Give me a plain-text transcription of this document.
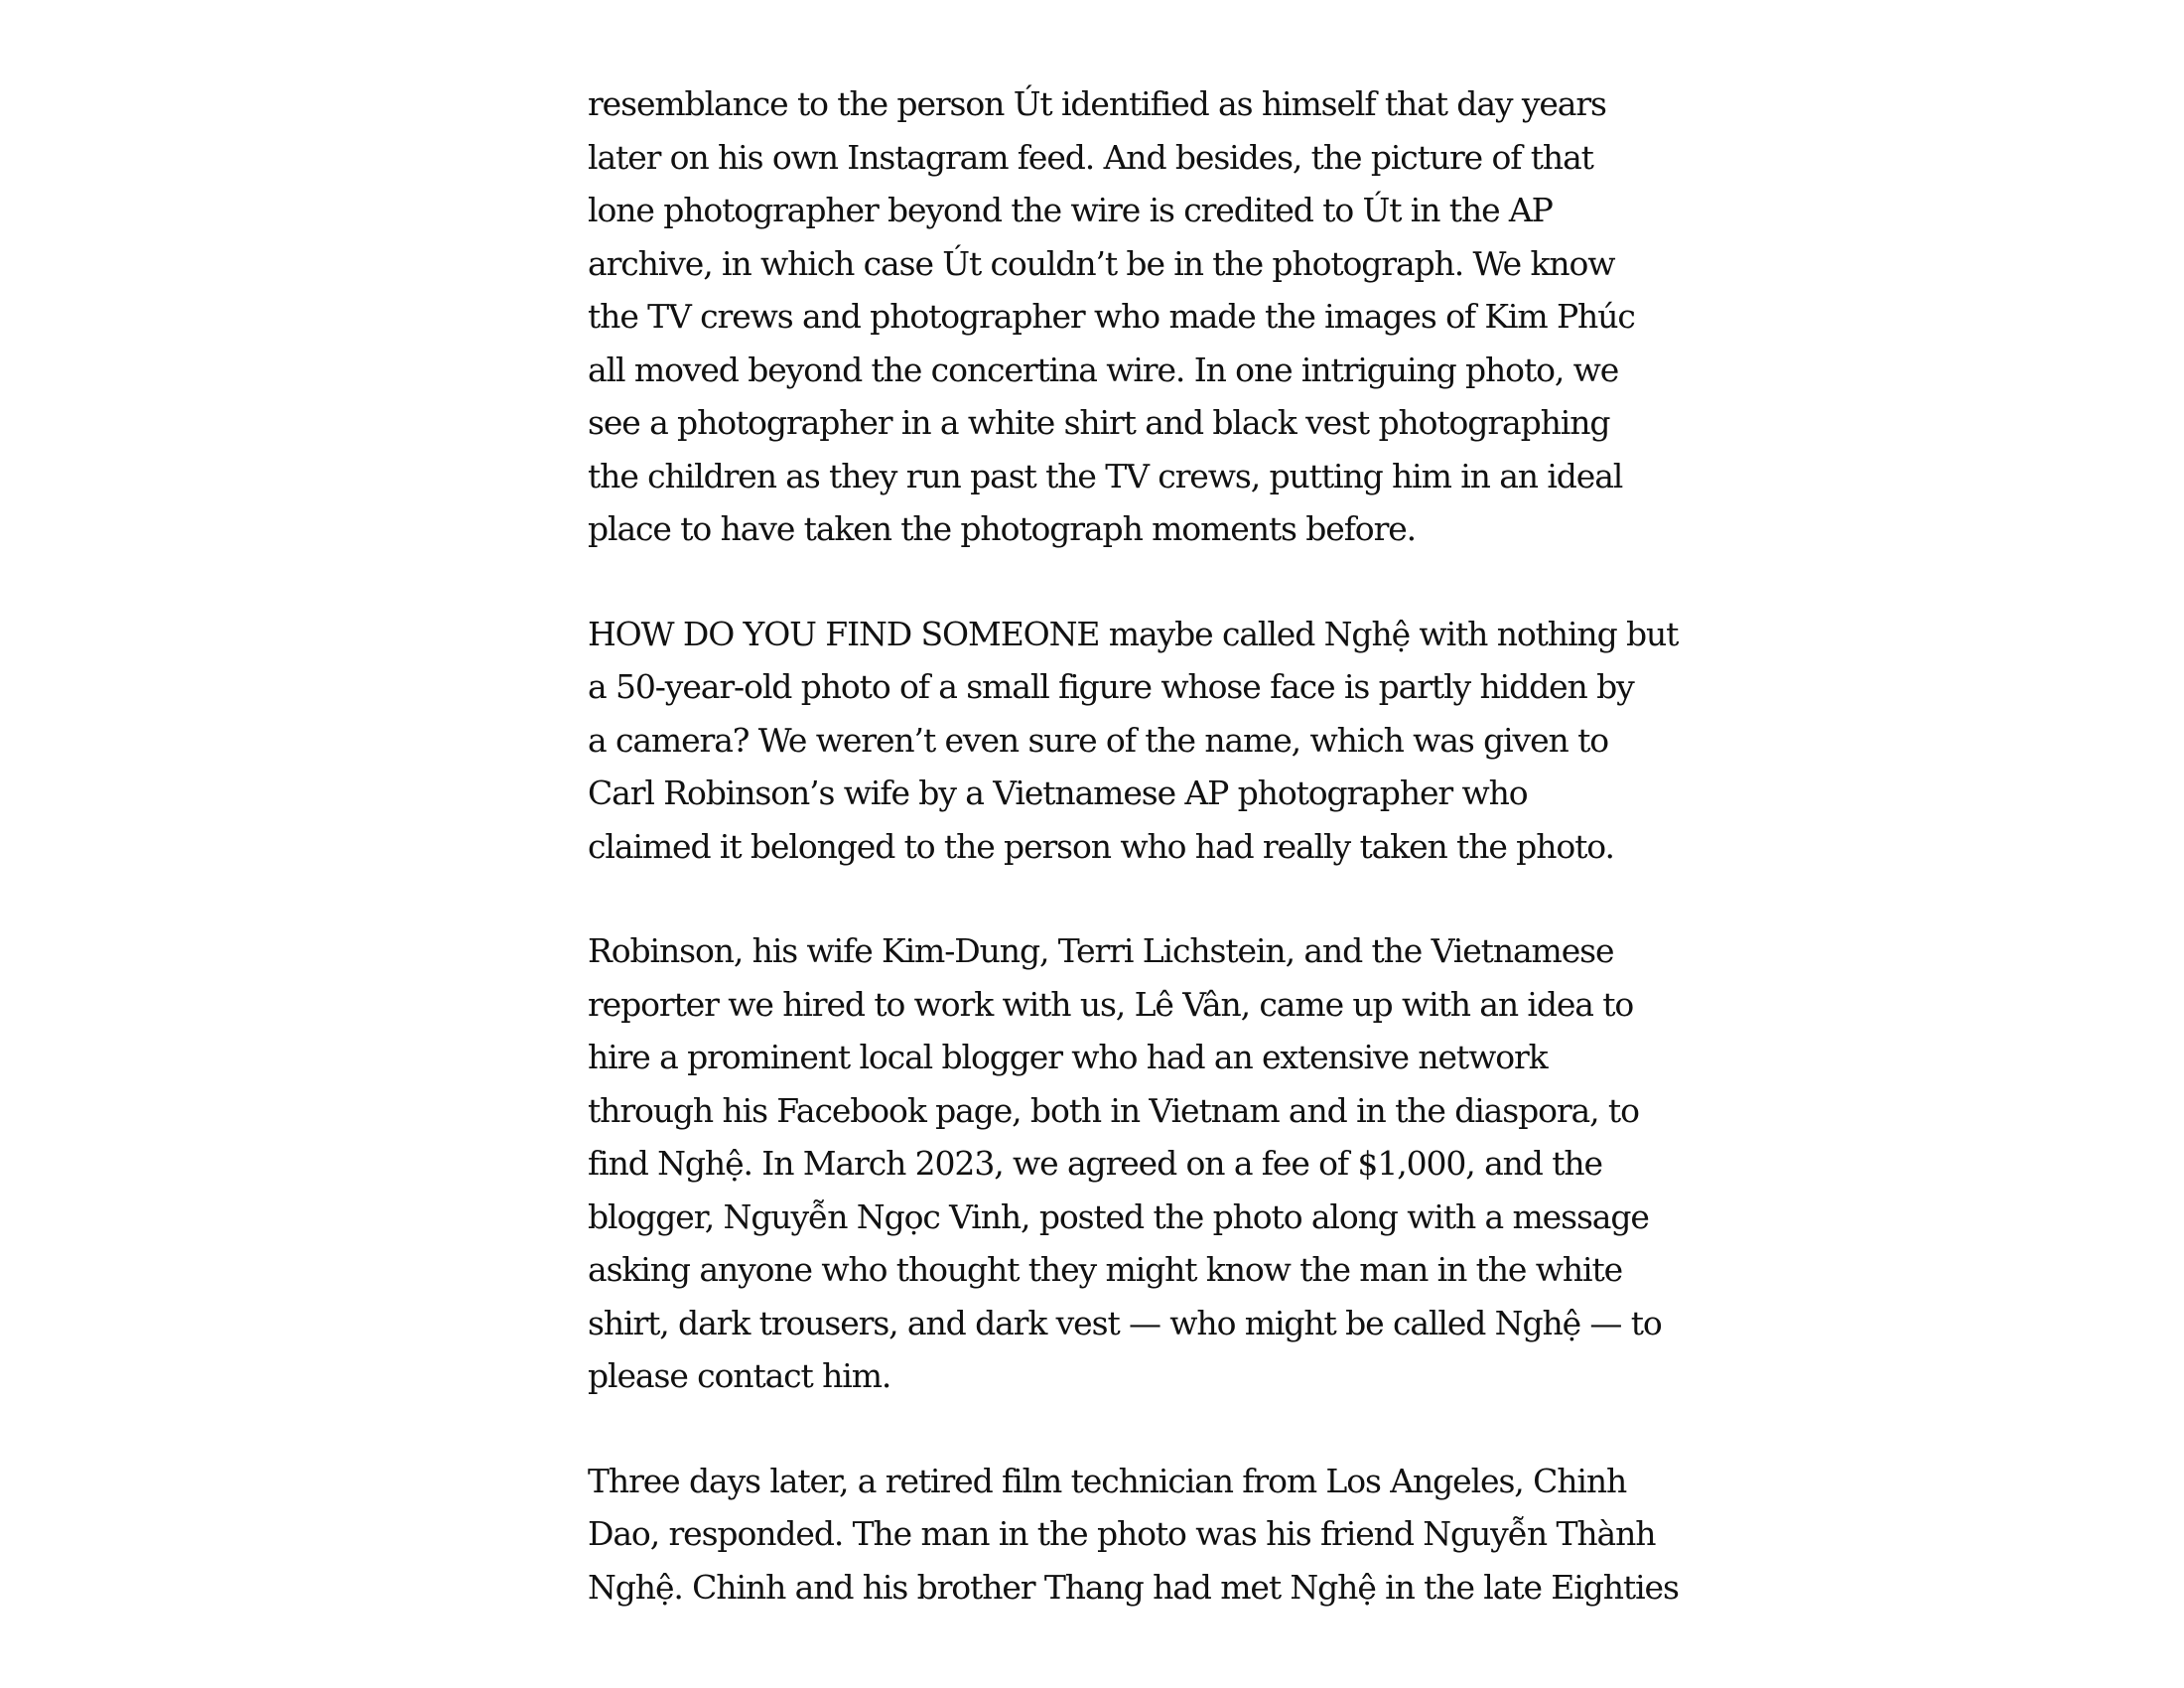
resemblance to the person Út identified as himself that day years
later on his own Instagram feed. And besides, the picture of that
lone photographer beyond the wire is credited to Út in the AP
archive, in which case Út couldn’t be in the photograph. We know
the TV crews and photographer who made the images of Kim Phúc
all moved beyond the concertina wire. In one intriguing photo, we
see a photographer in a white shirt and black vest photographing
the children as they run past the TV crews, putting him in an ideal
place to have taken the photograph moments before.

HOW DO YOU FIND SOMEONE maybe called Nghệ with nothing but
a 50-year-old photo of a small figure whose face is partly hidden by
a camera? We weren’t even sure of the name, which was given to
Carl Robinson’s wife by a Vietnamese AP photographer who
claimed it belonged to the person who had really taken the photo.

Robinson, his wife Kim-Dung, Terri Lichstein, and the Vietnamese
reporter we hired to work with us, Lê Vân, came up with an idea to
hire a prominent local blogger who had an extensive network
through his Facebook page, both in Vietnam and in the diaspora, to
find Nghệ. In March 2023, we agreed on a fee of $1,000, and the
blogger, Nguyễn Ngọc Vinh, posted the photo along with a message
asking anyone who thought they might know the man in the white
shirt, dark trousers, and dark vest — who might be called Nghệ — to
please contact him.

Three days later, a retired film technician from Los Angeles, Chinh
Dao, responded. The man in the photo was his friend Nguyễn Thành
Nghệ. Chinh and his brother Thang had met Nghệ in the late Eighties
